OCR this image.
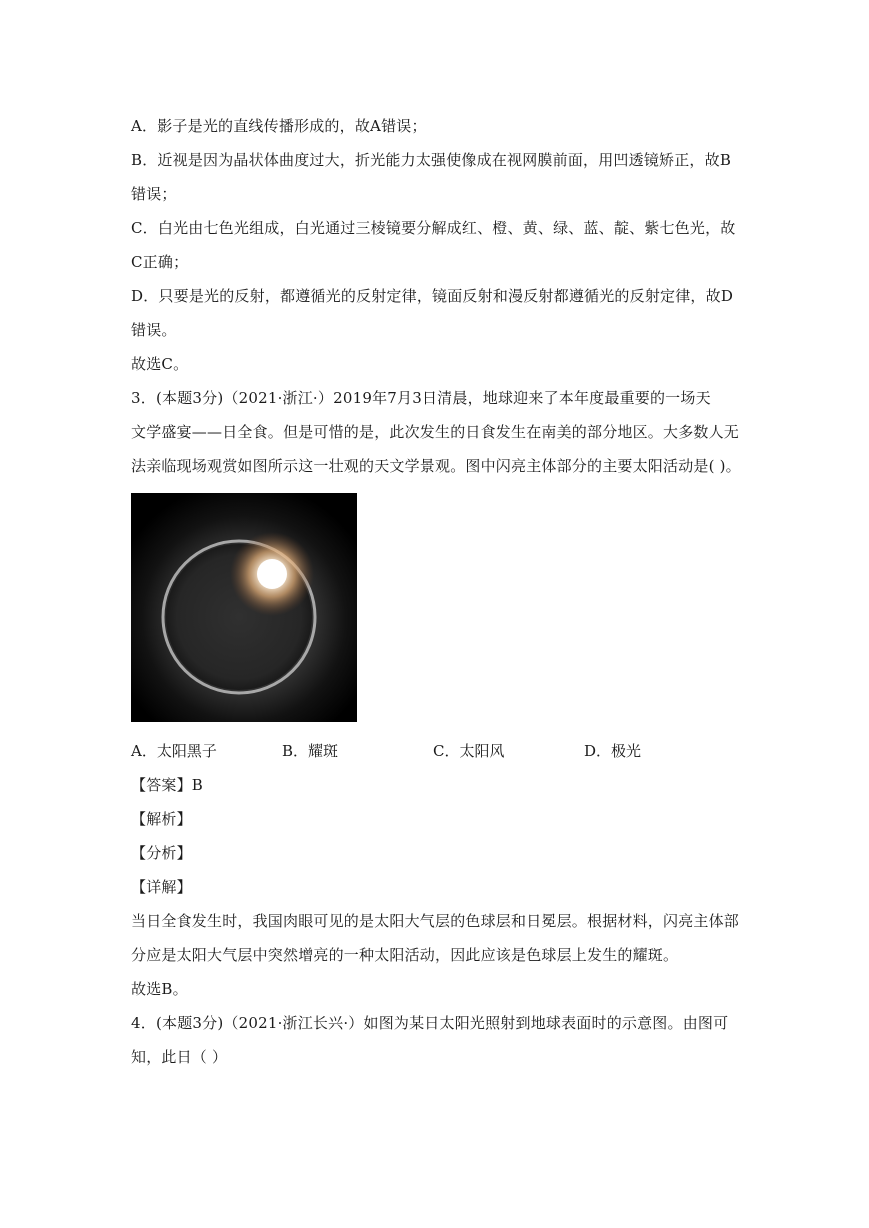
A．影子是光的直线传播形成的，故A错误；
B．近视是因为晶状体曲度过大，折光能力太强使像成在视网膜前面，用凹透镜矫正，故B
错误；
C．白光由七色光组成，白光通过三棱镜要分解成红、橙、黄、绿、蓝、靛、紫七色光，故
C正确；
D．只要是光的反射，都遵循光的反射定律，镜面反射和漫反射都遵循光的反射定律，故D
错误。
故选C。
3．(本题3分)（2021·浙江·）2019年7月3日清晨，地球迎来了本年度最重要的一场天
文学盛宴——日全食。但是可惜的是，此次发生的日食发生在南美的部分地区。大多数人无
法亲临现场观赏如图所示这一壮观的天文学景观。图中闪亮主体部分的主要太阳活动是( )。
A．太阳黑子	B．耀斑	C．太阳风	D．极光
【答案】B
【解析】
【分析】
【详解】
当日全食发生时，我国肉眼可见的是太阳大气层的色球层和日冕层。根据材料，闪亮主体部
分应是太阳大气层中突然增亮的一种太阳活动，因此应该是色球层上发生的耀斑。
故选B。
4．(本题3分)（2021·浙江长兴·）如图为某日太阳光照射到地球表面时的示意图。由图可
知，此日（ ）
